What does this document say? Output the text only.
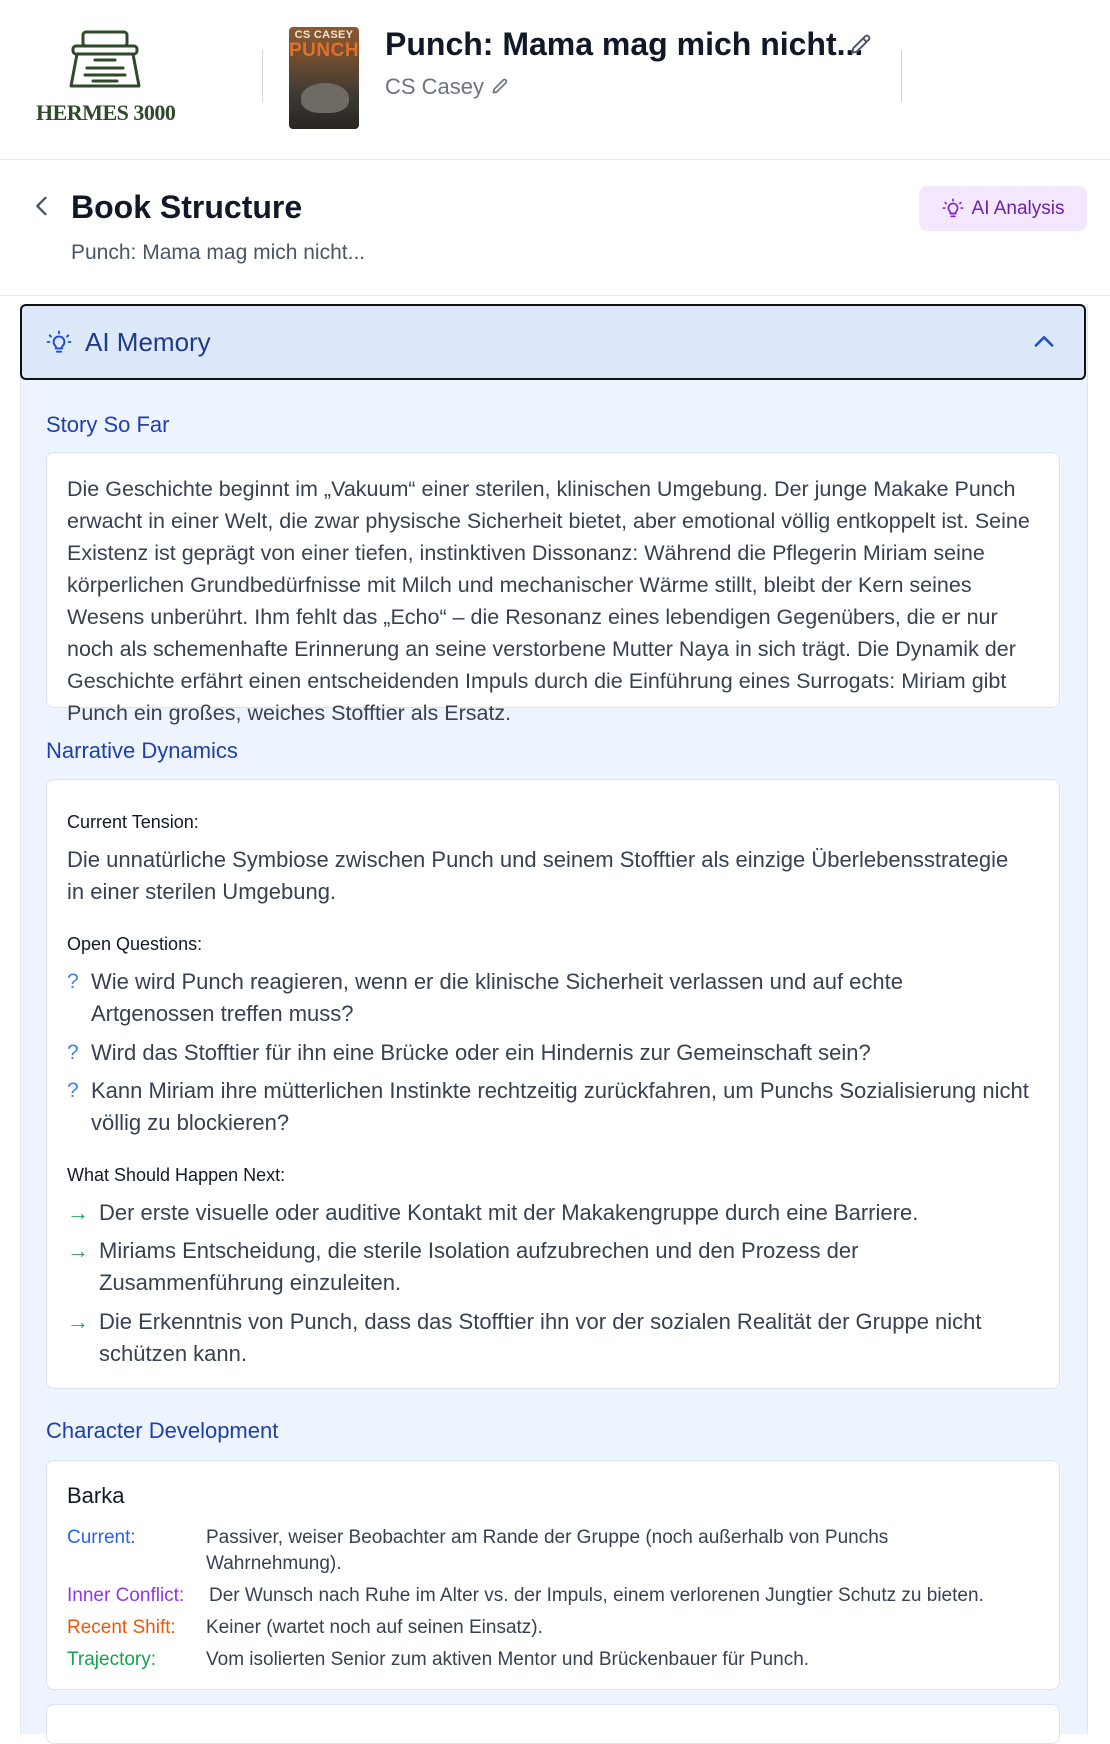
HERMES 3000
CS CASEY
PUNCH Punch: Mama mag mich nicht...
CS Casey
Book Structure
Punch: Mama mag mich nicht...
AI Analysis
AI Memory
Story So Far
Die Geschichte beginnt im „Vakuum“ einer sterilen, klinischen Umgebung. Der junge Makake Punch erwacht in einer Welt, die zwar physische Sicherheit bietet, aber emotional völlig entkoppelt ist. Seine Existenz ist geprägt von einer tiefen, instinktiven Dissonanz: Während die Pflegerin Miriam seine körperlichen Grundbedürfnisse mit Milch und mechanischer Wärme stillt, bleibt der Kern seines Wesens unberührt. Ihm fehlt das „Echo“ – die Resonanz eines lebendigen Gegenübers, die er nur noch als schemenhafte Erinnerung an seine verstorbene Mutter Naya in sich trägt. Die Dynamik der Geschichte erfährt einen entscheidenden Impuls durch die Einführung eines Surrogats: Miriam gibt Punch ein großes, weiches Stofftier als Ersatz.
Narrative Dynamics
Current Tension:
Die unnatürliche Symbiose zwischen Punch und seinem Stofftier als einzige Überlebensstrategie in einer sterilen Umgebung.
Open Questions:
? Wie wird Punch reagieren, wenn er die klinische Sicherheit verlassen und auf echte Artgenossen treffen muss?
? Wird das Stofftier für ihn eine Brücke oder ein Hindernis zur Gemeinschaft sein?
? Kann Miriam ihre mütterlichen Instinkte rechtzeitig zurückfahren, um Punchs Sozialisierung nicht völlig zu blockieren?
What Should Happen Next:
→ Der erste visuelle oder auditive Kontakt mit der Makakengruppe durch eine Barriere.
→ Miriams Entscheidung, die sterile Isolation aufzubrechen und den Prozess der Zusammenführung einzuleiten.
→ Die Erkenntnis von Punch, dass das Stofftier ihn vor der sozialen Realität der Gruppe nicht schützen kann.
Character Development
Barka
Current:	Passiver, weiser Beobachter am Rande der Gruppe (noch außerhalb von Punchs Wahrnehmung).
Inner Conflict: Der Wunsch nach Ruhe im Alter vs. der Impuls, einem verlorenen Jungtier Schutz zu bieten.
Recent Shift: Keiner (wartet noch auf seinen Einsatz).
Trajectory:	Vom isolierten Senior zum aktiven Mentor und Brückenbauer für Punch.
